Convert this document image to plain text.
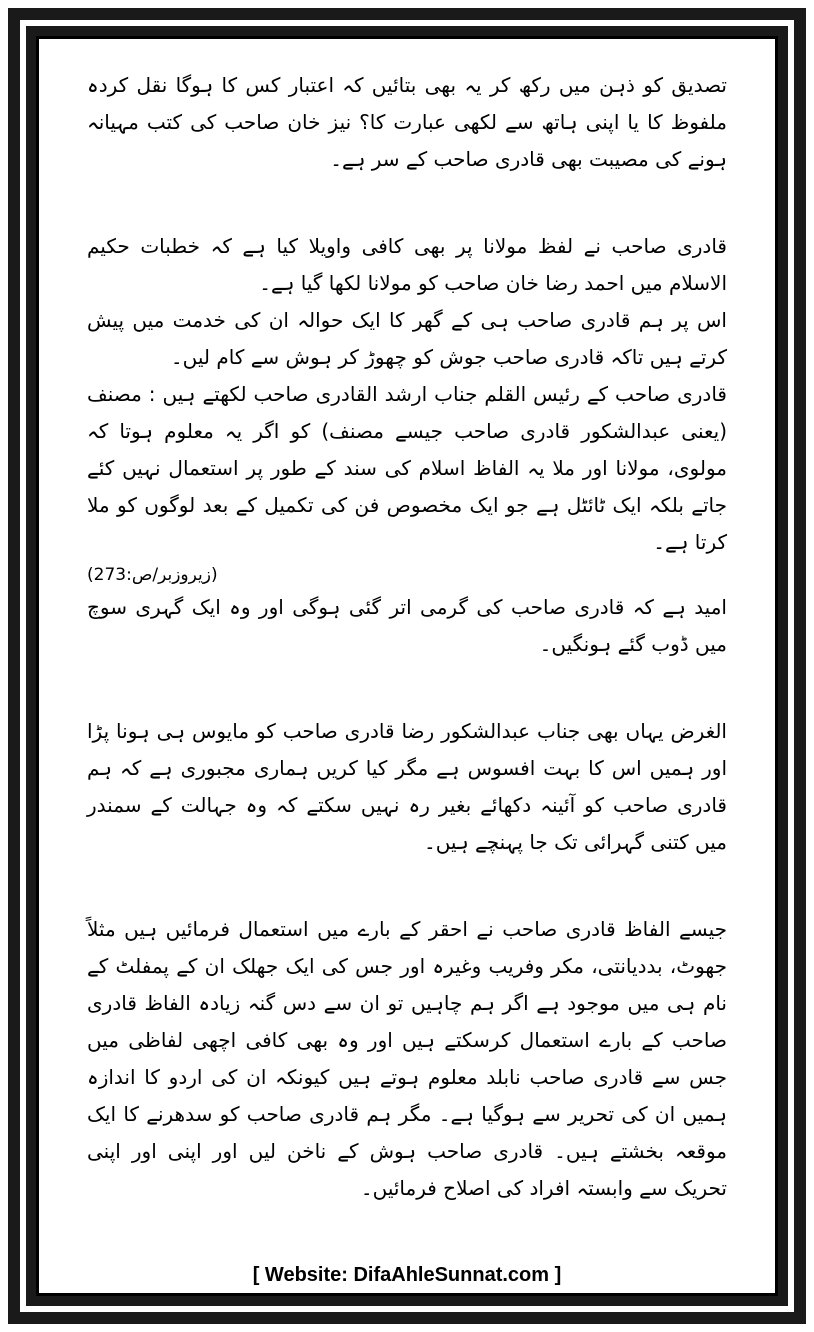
تصدیق کو ذہن میں رکھ کر یہ بھی بتائیں کہ اعتبار کس کا ہوگا نقل کردہ ملفوظ کا یا اپنی ہاتھ سے لکھی عبارت کا؟ نیز خان صاحب کی کتب مہیانہ ہونے کی مصیبت بھی قادری صاحب کے سر ہے۔

قادری صاحب نے لفظ مولانا پر بھی کافی واویلا کیا ہے کہ خطبات حکیم الاسلام میں احمد رضا خان صاحب کو مولانا لکھا گیا ہے۔

اس پر ہم قادری صاحب ہی کے گھر کا ایک حوالہ ان کی خدمت میں پیش کرتے ہیں تاکہ قادری صاحب جوش کو چھوڑ کر ہوش سے کام لیں۔

قادری صاحب کے رئیس القلم جناب ارشد القادری صاحب لکھتے ہیں : مصنف (یعنی عبدالشکور قادری صاحب جیسے مصنف) کو اگر یہ معلوم ہوتا کہ مولوی، مولانا اور ملا یہ الفاظ اسلام کی سند کے طور پر استعمال نہیں کئے جاتے بلکہ ایک ٹائٹل ہے جو ایک مخصوص فن کی تکمیل کے بعد لوگوں کو ملا کرتا ہے۔

(زیروزبر/ص:273)

امید ہے کہ قادری صاحب کی گرمی اتر گئی ہوگی اور وہ ایک گہری سوچ میں ڈوب گئے ہونگیں۔

الغرض یہاں بھی جناب عبدالشکور رضا قادری صاحب کو مایوس ہی ہونا پڑا اور ہمیں اس کا بہت افسوس ہے مگر کیا کریں ہماری مجبوری ہے کہ ہم قادری صاحب کو آئینہ دکھائے بغیر رہ نہیں سکتے کہ وہ جہالت کے سمندر میں کتنی گہرائی تک جا پہنچے ہیں۔

جیسے الفاظ قادری صاحب نے احقر کے بارے میں استعمال فرمائیں ہیں مثلاً جھوٹ، بددیانتی، مکر وفریب وغیرہ اور جس کی ایک جھلک ان کے پمفلٹ کے نام ہی میں موجود ہے اگر ہم چاہیں تو ان سے دس گنہ زیادہ الفاظ قادری صاحب کے بارے استعمال کرسکتے ہیں اور وہ بھی کافی اچھی لفاظی میں جس سے قادری صاحب نابلد معلوم ہوتے ہیں کیونکہ ان کی اردو کا اندازہ ہمیں ان کی تحریر سے ہوگیا ہے۔ مگر ہم قادری صاحب کو سدھرنے کا ایک موقعہ بخشتے ہیں۔ قادری صاحب ہوش کے ناخن لیں اور اپنی اور اپنی تحریک سے وابستہ افراد کی اصلاح فرمائیں۔

[ Website: DifaAhleSunnat.com ]
